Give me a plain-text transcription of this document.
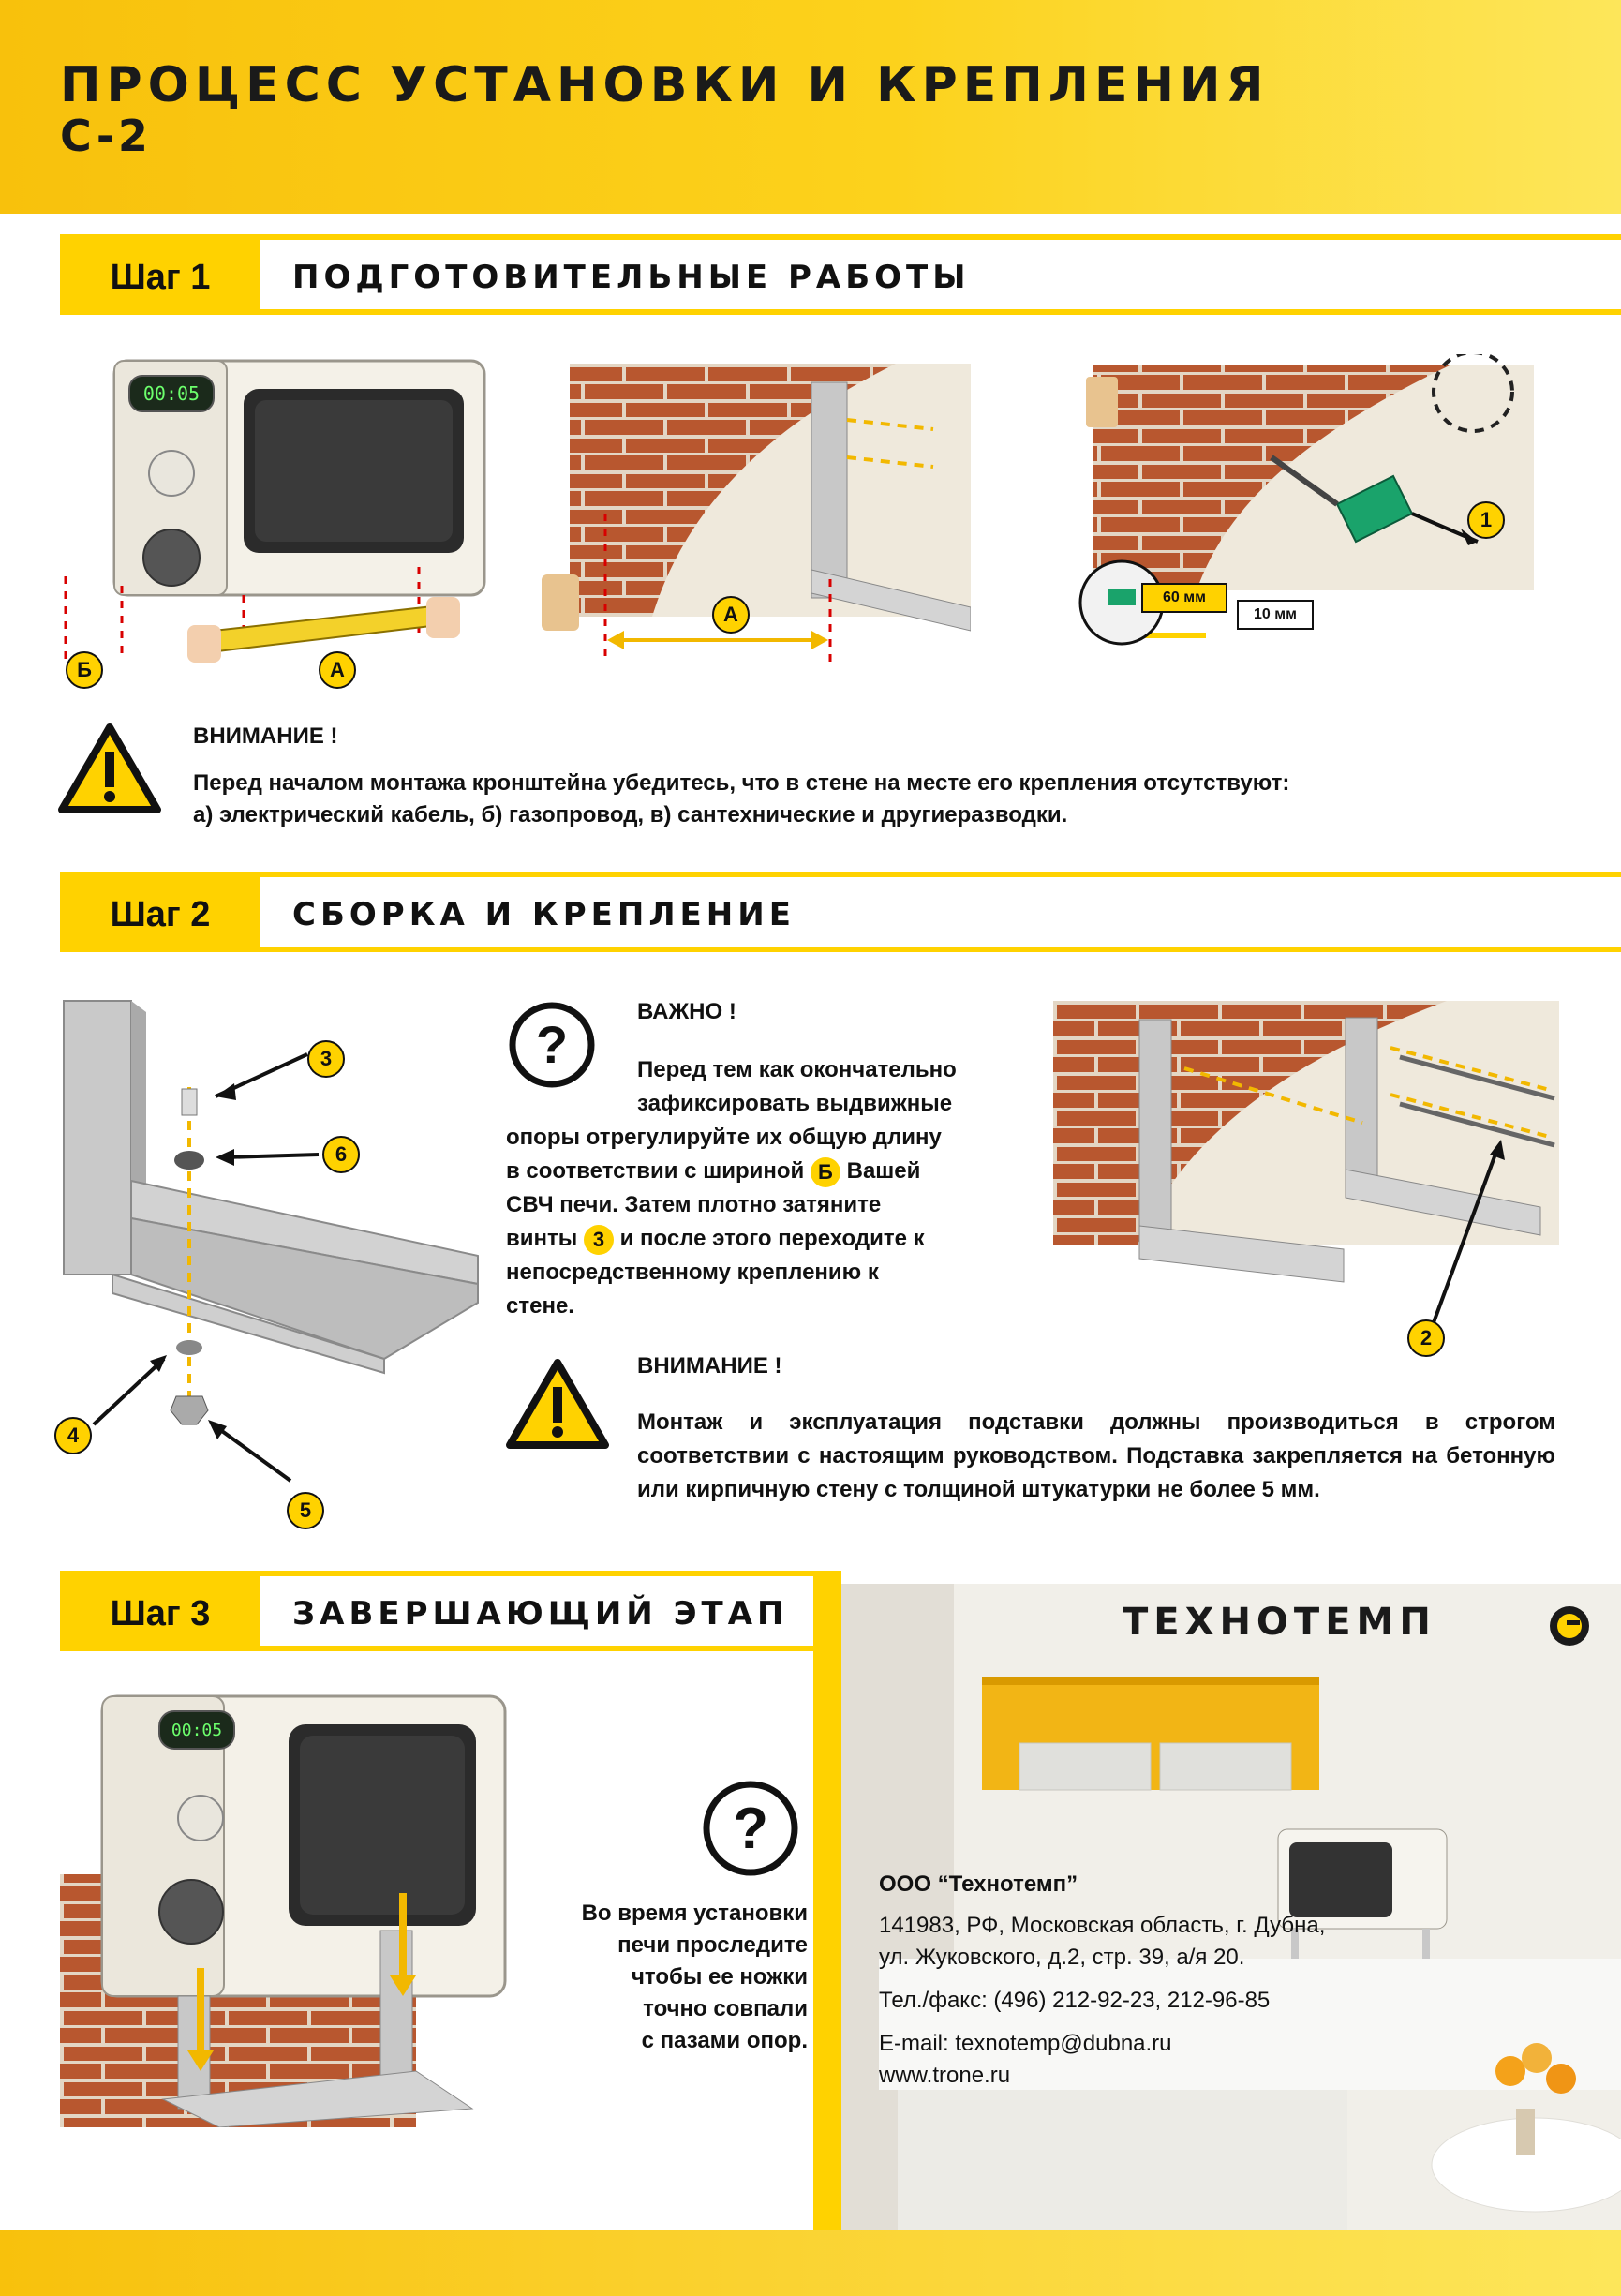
ПРОЦЕСС УСТАНОВКИ И КРЕПЛЕНИЯ
C-2
Шаг 1	ПОДГОТОВИТЕЛЬНЫЕ РАБОТЫ
00:05
Б	А
А
1
60 мм
10 мм
ВНИМАНИЕ !
Перед началом монтажа кронштейна убедитесь, что в стене на месте его крепления отсутствуют:
а) электрический кабель, б) газопровод, в) сантехнические и другиеразводки.
Шаг 2	СБОРКА И КРЕПЛЕНИЕ
3
6
4
5
?
ВАЖНО !
Перед тем как окончательно
зафиксировать выдвижные
опоры отрегулируйте их общую длину
в соответствии с шириной Б Вашей
СВЧ печи. Затем плотно затяните
винты 3 и после этого переходите к
непосредственному креплению к
стене.
2
ВНИМАНИЕ !
Монтаж и эксплуатация подставки должны производиться в строгом соответствии с настоящим руководством. Подставка закрепляется на бетонную или кирпичную стену с толщиной штукатурки не более 5 мм.
Шаг 3	ЗАВЕРШАЮЩИЙ ЭТАП
00:05
?
Во время установки
печи проследите
чтобы ее ножки
точно совпали
с пазами опор.
ТЕХНОТЕМП
ООО “Технотемп”
141983, РФ, Московская область, г. Дубна,
ул. Жуковского, д.2, стр. 39, а/я 20.
Тел./факс: (496) 212-92-23, 212-96-85
E-mail: texnotemp@dubna.ru
www.trone.ru
